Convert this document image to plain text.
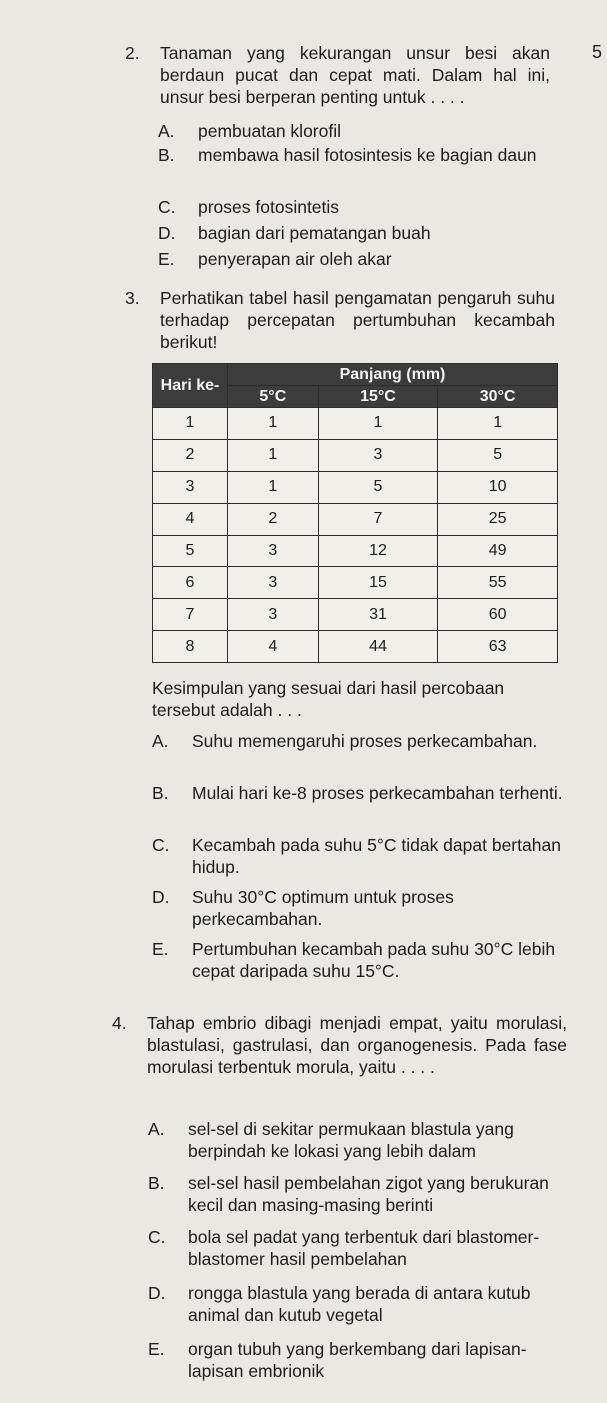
5
2. Tanaman yang kekurangan unsur besi akan berdaun pucat dan cepat mati. Dalam hal ini, unsur besi berperan penting untuk . . . .
A. pembuatan klorofil
B. membawa hasil fotosintesis ke bagian daun
C. proses fotosintetis
D. bagian dari pematangan buah
E. penyerapan air oleh akar
3. Perhatikan tabel hasil pengamatan pengaruh suhu terhadap percepatan pertumbuhan kecambah berikut!
Hari ke-	Panjang (mm)		
	5°C	15°C	30°C
1	1	1	1
2	1	3	5
3	1	5	10
4	2	7	25
5	3	12	49
6	3	15	55
7	3	31	60
8	4	44	63
Kesimpulan yang sesuai dari hasil percobaan tersebut adalah . . .
A. Suhu memengaruhi proses perkecambahan.
B. Mulai hari ke-8 proses perkecambahan terhenti.
C. Kecambah pada suhu 5°C tidak dapat bertahan hidup.
D. Suhu 30°C optimum untuk proses perkecambahan.
E. Pertumbuhan kecambah pada suhu 30°C lebih cepat daripada suhu 15°C.
4. Tahap embrio dibagi menjadi empat, yaitu morulasi, blastulasi, gastrulasi, dan organogenesis. Pada fase morulasi terbentuk morula, yaitu . . . .
A. sel-sel di sekitar permukaan blastula yang berpindah ke lokasi yang lebih dalam
B. sel-sel hasil pembelahan zigot yang berukuran kecil dan masing-masing berinti
C. bola sel padat yang terbentuk dari blastomer-blastomer hasil pembelahan
D. rongga blastula yang berada di antara kutub animal dan kutub vegetal
E. organ tubuh yang berkembang dari lapisan-lapisan embrionik
